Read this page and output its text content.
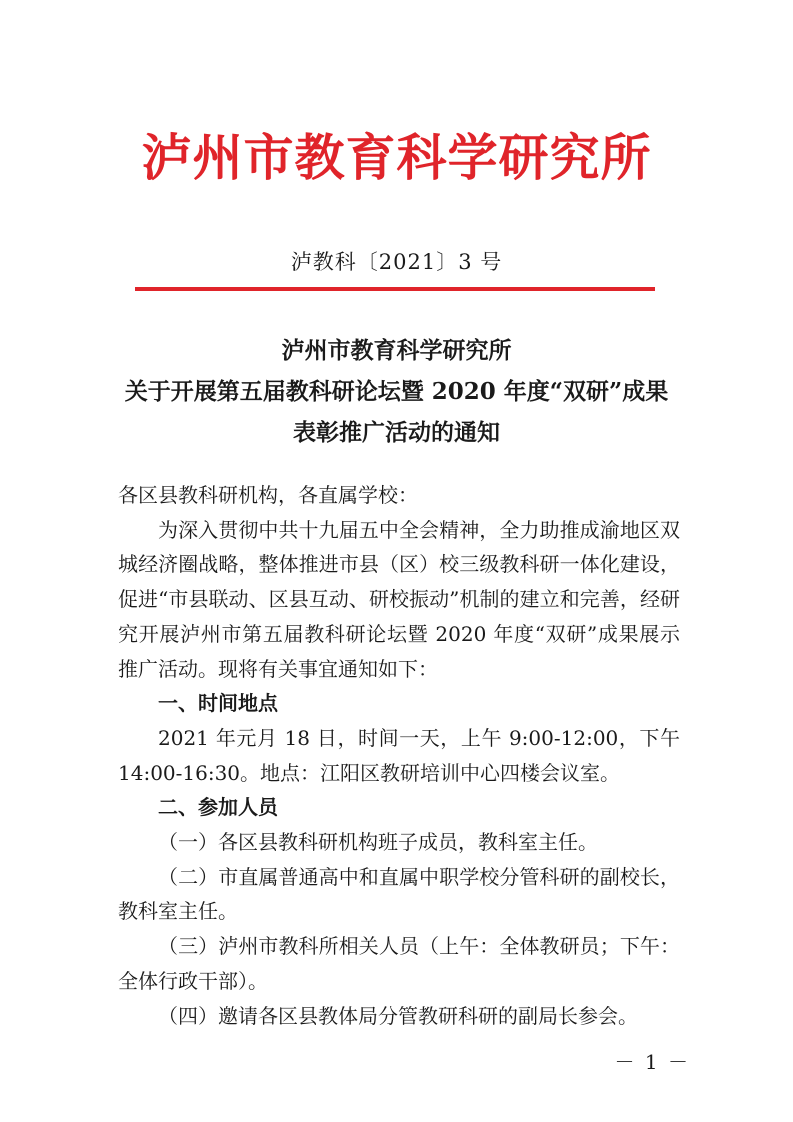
泸州市教育科学研究所
泸教科〔2021〕3 号
泸州市教育科学研究所
关于开展第五届教科研论坛暨 2020 年度“双研”成果
表彰推广活动的通知

各区县教科研机构，各直属学校：

为深入贯彻中共十九届五中全会精神，全力助推成渝地区双城经济圈战略，整体推进市县（区）校三级教科研一体化建设，促进“市县联动、区县互动、研校振动”机制的建立和完善，经研究开展泸州市第五届教科研论坛暨 2020 年度“双研”成果展示推广活动。现将有关事宜通知如下：

一、时间地点

2021 年元月 18 日，时间一天，上午 9:00-12:00，下午 14:00-16:30。地点：江阳区教研培训中心四楼会议室。

二、参加人员

（一）各区县教科研机构班子成员，教科室主任。

（二）市直属普通高中和直属中职学校分管科研的副校长，教科室主任。

（三）泸州市教科所相关人员（上午：全体教研员；下午：全体行政干部）。

（四）邀请各区县教体局分管教研科研的副局长参会。

－ 1 －
